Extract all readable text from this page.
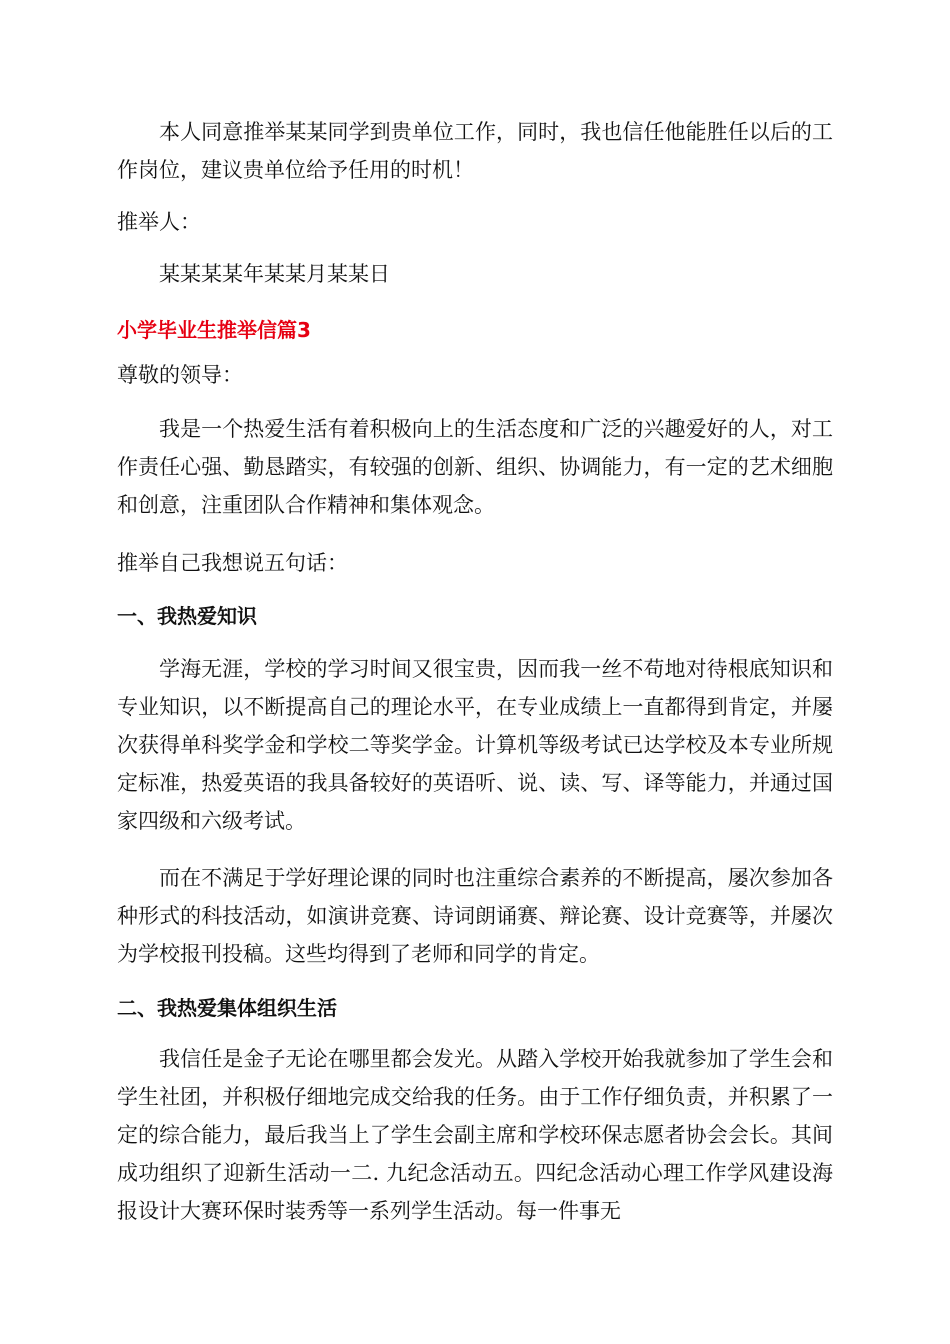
本人同意推举某某同学到贵单位工作，同时，我也信任他能胜任以后的工作岗位，建议贵单位给予任用的时机！

推举人：

某某某某年某某月某某日

小学毕业生推举信篇3

尊敬的领导：

我是一个热爱生活有着积极向上的生活态度和广泛的兴趣爱好的人，对工作责任心强、勤恳踏实，有较强的创新、组织、协调能力，有一定的艺术细胞和创意，注重团队合作精神和集体观念。

推举自己我想说五句话：

一、我热爱知识

学海无涯，学校的学习时间又很宝贵，因而我一丝不苟地对待根底知识和专业知识，以不断提高自己的理论水平，在专业成绩上一直都得到肯定，并屡次获得单科奖学金和学校二等奖学金。计算机等级考试已达学校及本专业所规定标准，热爱英语的我具备较好的英语听、说、读、写、译等能力，并通过国家四级和六级考试。

而在不满足于学好理论课的同时也注重综合素养的不断提高，屡次参加各种形式的科技活动，如演讲竞赛、诗词朗诵赛、辩论赛、设计竞赛等，并屡次为学校报刊投稿。这些均得到了老师和同学的肯定。

二、我热爱集体组织生活

我信任是金子无论在哪里都会发光。从踏入学校开始我就参加了学生会和学生社团，并积极仔细地完成交给我的任务。由于工作仔细负责，并积累了一定的综合能力，最后我当上了学生会副主席和学校环保志愿者协会会长。其间成功组织了迎新生活动一二. 九纪念活动五。四纪念活动心理工作学风建设海报设计大赛环保时装秀等一系列学生活动。每一件事无
